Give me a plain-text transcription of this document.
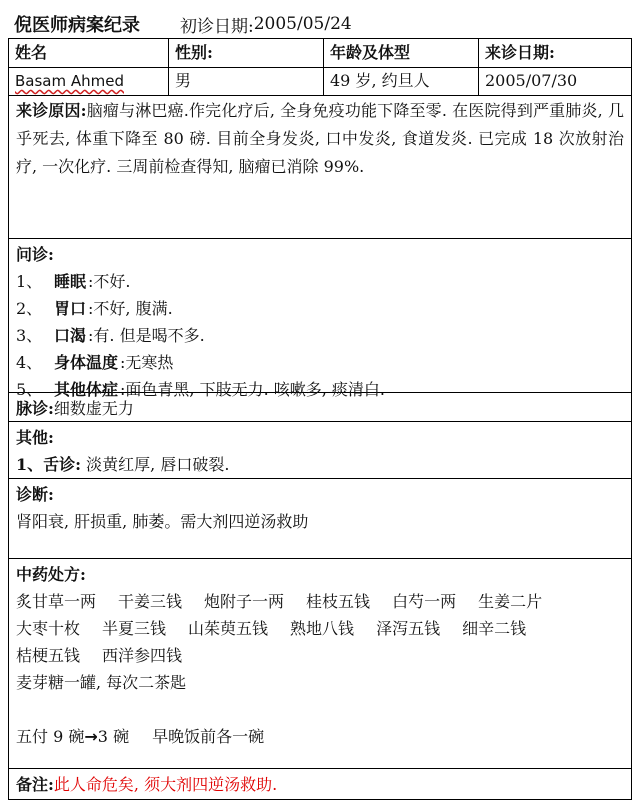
倪医师病案纪录 初诊日期: 2005/05/24
姓名	性别:	年龄及体型	来诊日期:
Basam Ahmed	男	49 岁, 约旦人	2005/07/30
来诊原因:脑瘤与淋巴癌.作完化疗后, 全身免疫功能下降至零. 在医院得到严重肺炎, 几乎死去, 体重下降至 80 磅. 目前全身发炎, 口中发炎, 食道发炎. 已完成 18 次放射治疗, 一次化疗. 三周前检查得知, 脑瘤已消除 99%.
问诊:
1、 睡眠 : 不好.
2、 胃口 : 不好, 腹满.
3、 口渴 : 有. 但是喝不多.
4、 身体温度 : 无寒热
5、 其他体症 : 面色青黑, 下肢无力. 咳嗽多, 痰清白.
脉诊:细数虚无力
其他:
1、舌诊: 淡黄红厚, 唇口破裂.
诊断:
肾阳衰, 肝损重, 肺萎。需大剂四逆汤救助
中药处方:
炙甘草一两 干姜三钱 炮附子一两 桂枝五钱 白芍一两 生姜二片
大枣十枚 半夏三钱 山茱萸五钱 熟地八钱 泽泻五钱 细辛二钱
桔梗五钱 西洋参四钱
麦芽糖一罐, 每次二茶匙
五付 9 碗→3 碗 早晚饭前各一碗
备注:此人命危矣, 须大剂四逆汤救助.
